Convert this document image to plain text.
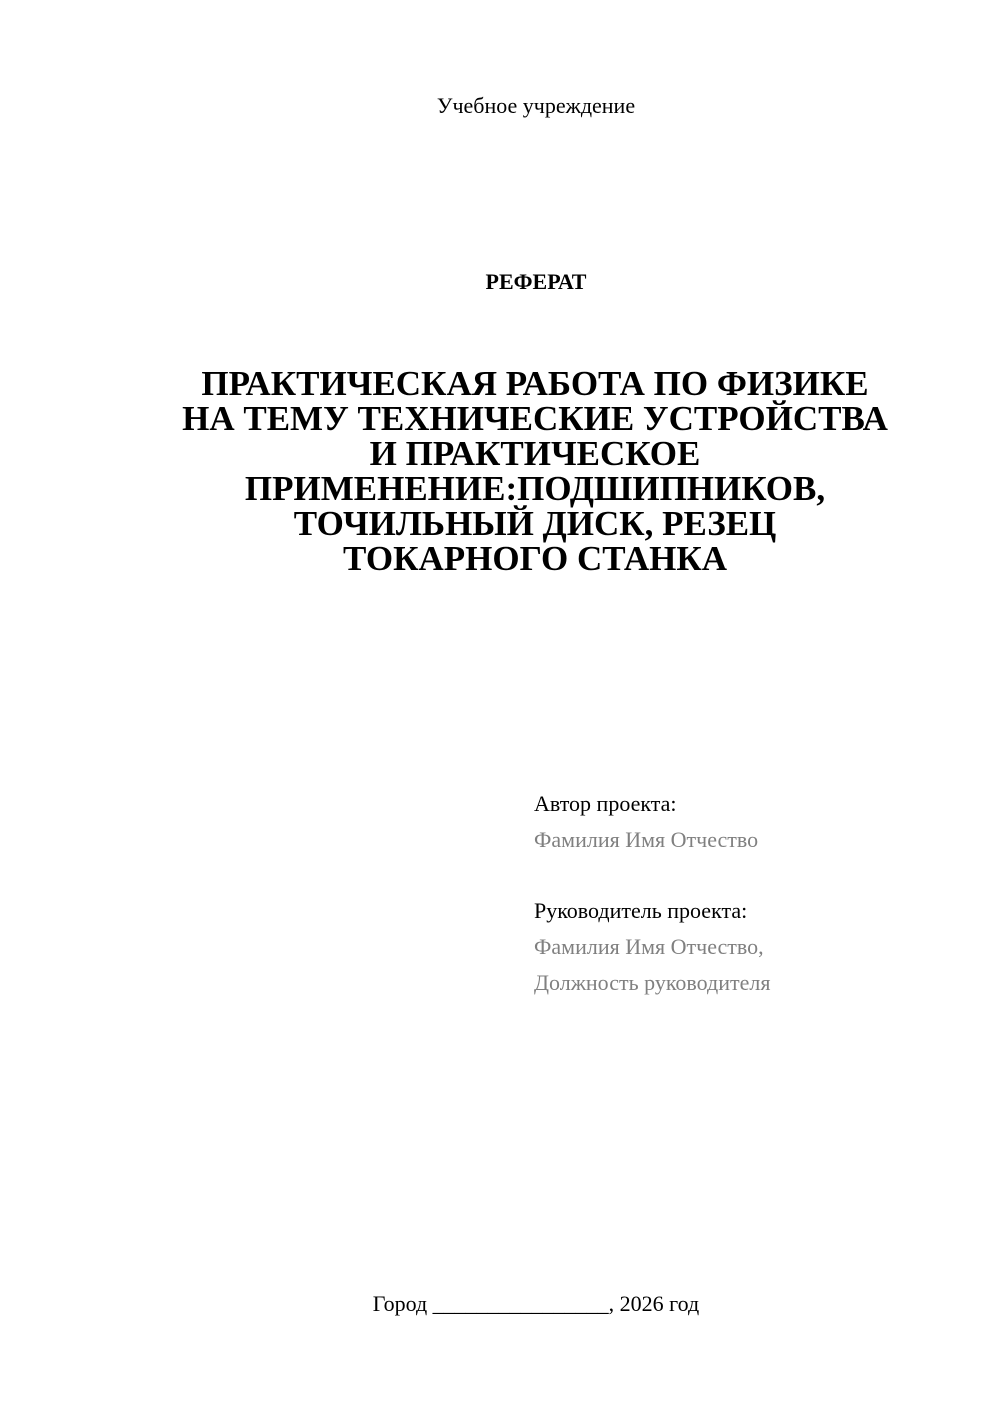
Учебное учреждение
РЕФЕРАТ
ПРАКТИЧЕСКАЯ РАБОТА ПО ФИЗИКЕ
НА ТЕМУ ТЕХНИЧЕСКИЕ УСТРОЙСТВА
И ПРАКТИЧЕСКОЕ
ПРИМЕНЕНИЕ:ПОДШИПНИКОВ,
ТОЧИЛЬНЫЙ ДИСК, РЕЗЕЦ
ТОКАРНОГО СТАНКА
Автор проекта:
Фамилия Имя Отчество
Руководитель проекта:
Фамилия Имя Отчество,
Должность руководителя
Город ________________, 2026 год
